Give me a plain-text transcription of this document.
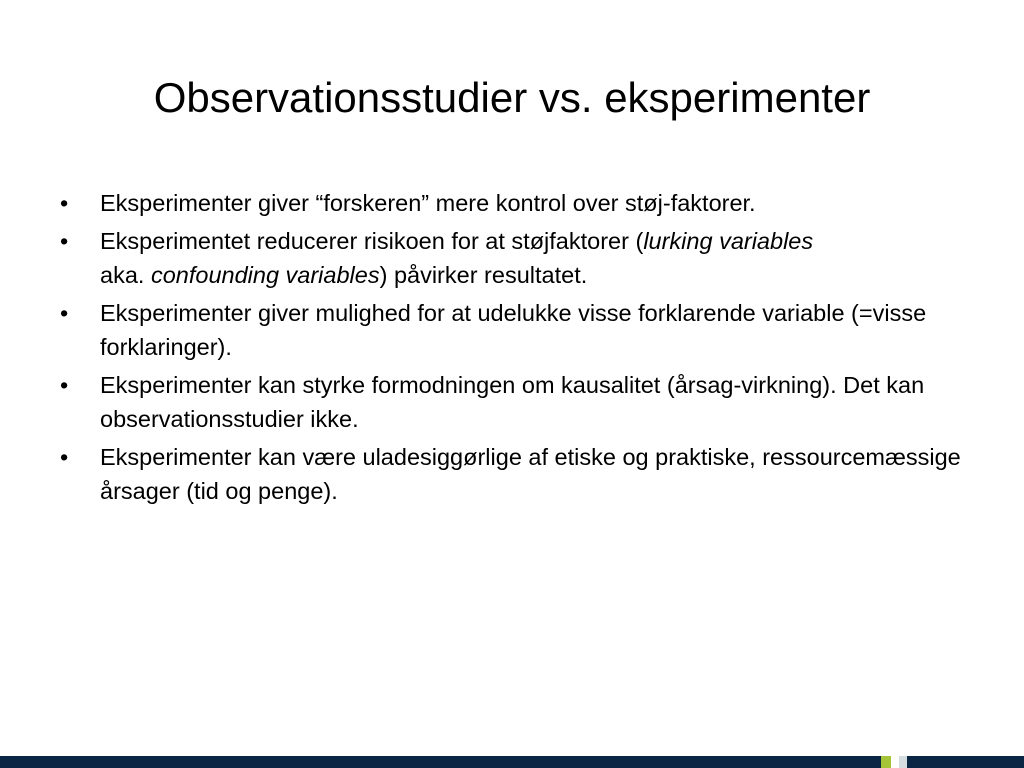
Observationsstudier vs. eksperimenter
•	Eksperimenter giver “forskeren” mere kontrol over støj-faktorer.
•	Eksperimentet reducerer risikoen for at støjfaktorer (lurking variables
aka. confounding variables) påvirker resultatet.
•	Eksperimenter giver mulighed for at udelukke visse forklarende variable (=visse forklaringer).
•	Eksperimenter kan styrke formodningen om kausalitet (årsag-virkning). Det kan observationsstudier ikke.
•	Eksperimenter kan være uladesiggørlige af etiske og praktiske, ressourcemæssige årsager (tid og penge).
